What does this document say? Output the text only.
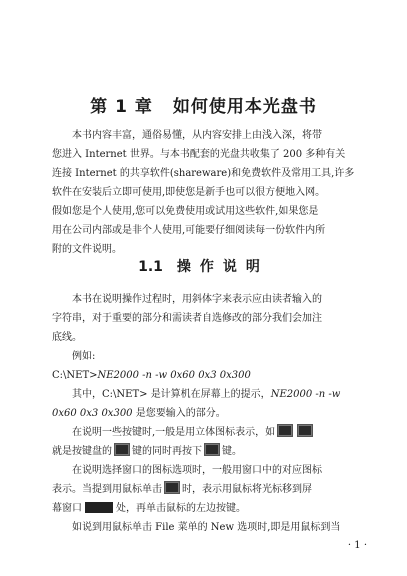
第 1 章 如何使用本光盘书
本书内容丰富，通俗易懂，从内容安排上由浅入深，将带
您进入 Internet 世界。与本书配套的光盘共收集了 200 多种有关
连接 Internet 的共享软件(shareware)和免费软件及常用工具,许多
软件在安装后立即可使用,即使您是新手也可以很方便地入网。
假如您是个人使用,您可以免费使用或试用这些软件,如果您是
用在公司内部或是非个人使用,可能要仔细阅读每一份软件内所
附的文件说明。
1.1 操作说明
本书在说明操作过程时，用斜体字来表示应由读者输入的
字符串，对于重要的部分和需读者自选修改的部分我们会加注
底线。
例如:
C:\NET>NE2000 -n -w 0x60 0x3 0x300
其中，C:\NET> 是计算机在屏幕上的提示，NE2000 -n -w
0x60 0x3 0x300 是您要输入的部分。
在说明一些按键时,一般是用立体图标表示，如
就是按键盘的 键的同时再按下 键。
在说明选择窗口的图标选项时，一般用窗口中的对应图标
表示。当提到用鼠标单击 时，表示用鼠标将光标移到屏
幕窗口	处，再单击鼠标的左边按键。
如说到用鼠标单击 File 菜单的 New 选项时,即是用鼠标到当
· 1 ·
